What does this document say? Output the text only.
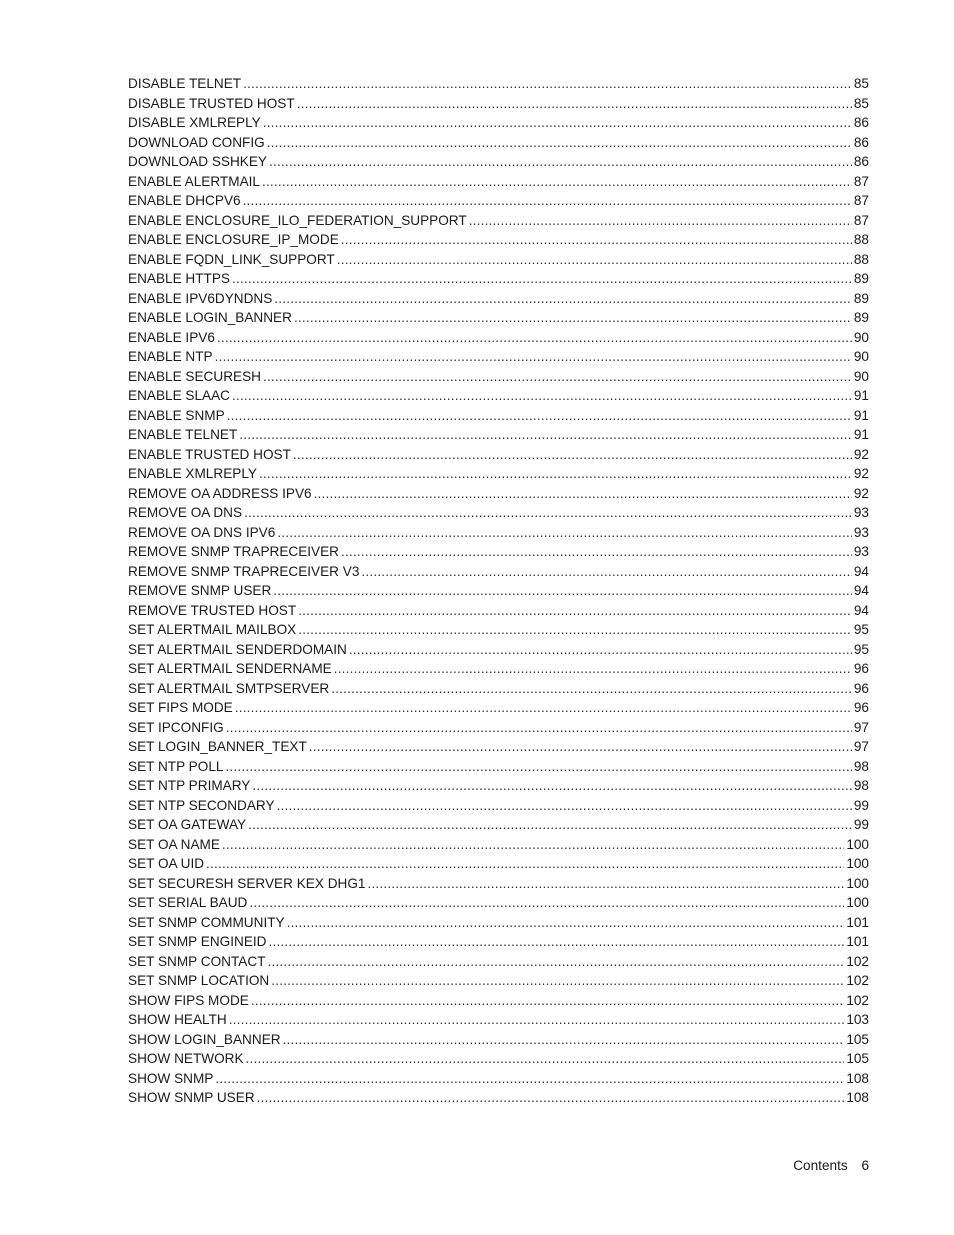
DISABLE TELNET .....	85
DISABLE TRUSTED HOST .....	85
DISABLE XMLREPLY .....	86
DOWNLOAD CONFIG .....	86
DOWNLOAD SSHKEY .....	86
ENABLE ALERTMAIL .....	87
ENABLE DHCPV6 .....	87
ENABLE ENCLOSURE_ILO_FEDERATION_SUPPORT .....	87
ENABLE ENCLOSURE_IP_MODE .....	88
ENABLE FQDN_LINK_SUPPORT .....	88
ENABLE HTTPS .....	89
ENABLE IPV6DYNDNS .....	89
ENABLE LOGIN_BANNER .....	89
ENABLE IPV6 .....	90
ENABLE NTP .....	90
ENABLE SECURESH .....	90
ENABLE SLAAC .....	91
ENABLE SNMP .....	91
ENABLE TELNET .....	91
ENABLE TRUSTED HOST .....	92
ENABLE XMLREPLY .....	92
REMOVE OA ADDRESS IPV6 .....	92
REMOVE OA DNS .....	93
REMOVE OA DNS IPV6 .....	93
REMOVE SNMP TRAPRECEIVER .....	93
REMOVE SNMP TRAPRECEIVER V3 .....	94
REMOVE SNMP USER .....	94
REMOVE TRUSTED HOST .....	94
SET ALERTMAIL MAILBOX .....	95
SET ALERTMAIL SENDERDOMAIN .....	95
SET ALERTMAIL SENDERNAME .....	96
SET ALERTMAIL SMTPSERVER .....	96
SET FIPS MODE .....	96
SET IPCONFIG .....	97
SET LOGIN_BANNER_TEXT .....	97
SET NTP POLL .....	98
SET NTP PRIMARY .....	98
SET NTP SECONDARY .....	99
SET OA GATEWAY .....	99
SET OA NAME .....	100
SET OA UID .....	100
SET SECURESH SERVER KEX DHG1 .....	100
SET SERIAL BAUD .....	100
SET SNMP COMMUNITY .....	101
SET SNMP ENGINEID .....	101
SET SNMP CONTACT .....	102
SET SNMP LOCATION .....	102
SHOW FIPS MODE .....	102
SHOW HEALTH .....	103
SHOW LOGIN_BANNER .....	105
SHOW NETWORK .....	105
SHOW SNMP .....	108
SHOW SNMP USER .....	108
Contents 6
